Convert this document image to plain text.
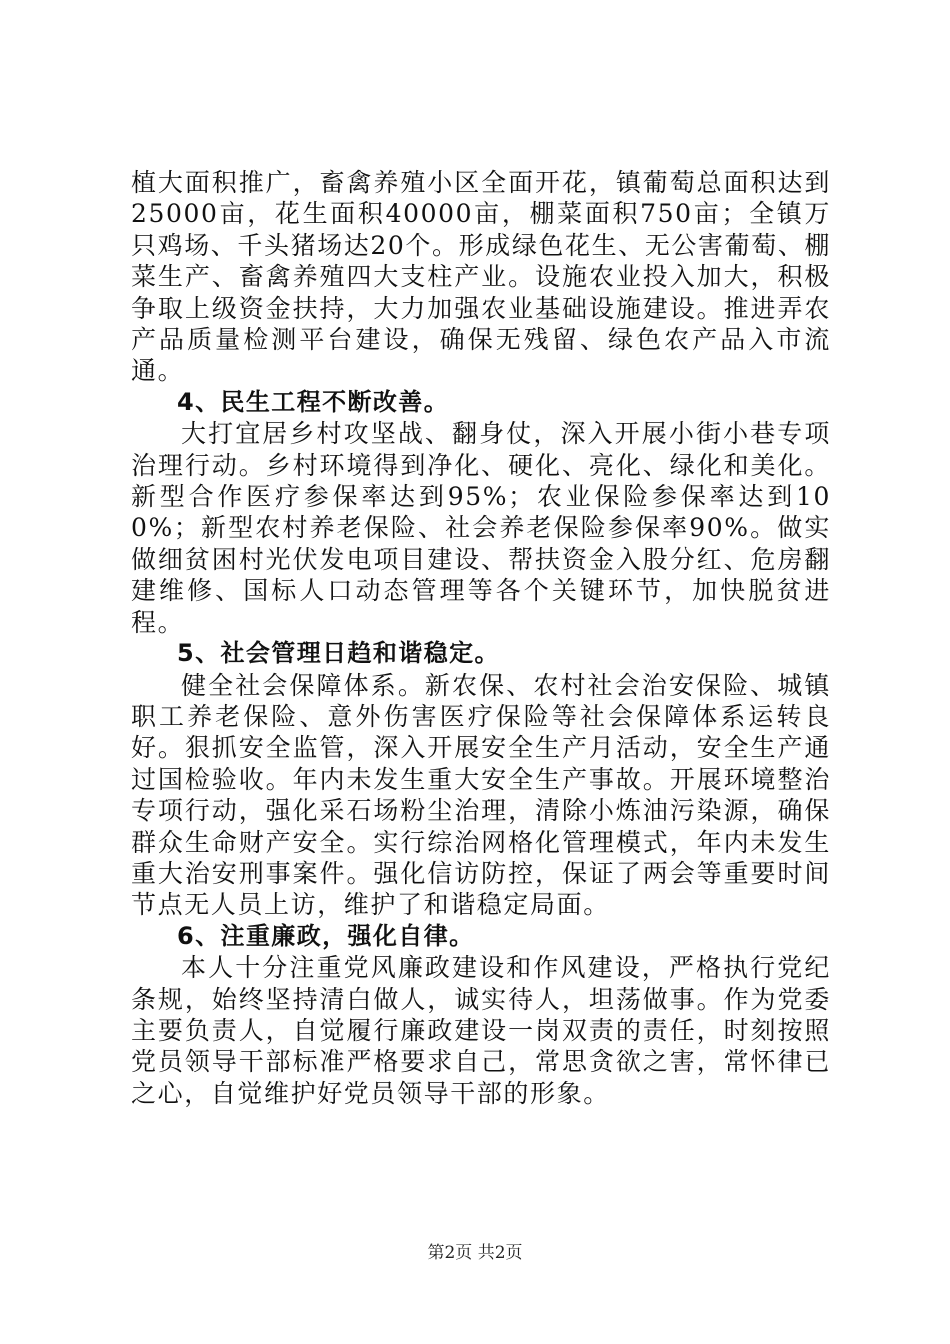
植大面积推广，畜禽养殖小区全面开花，镇葡萄总面积达到25000亩，花生面积40000亩，棚菜面积750亩；全镇万只鸡场、千头猪场达20个。形成绿色花生、无公害葡萄、棚菜生产、畜禽养殖四大支柱产业。设施农业投入加大，积极争取上级资金扶持，大力加强农业基础设施建设。推进弄农产品质量检测平台建设，确保无残留、绿色农产品入市流通。

4、民生工程不断改善。

大打宜居乡村攻坚战、翻身仗，深入开展小街小巷专项治理行动。乡村环境得到净化、硬化、亮化、绿化和美化。新型合作医疗参保率达到95%；农业保险参保率达到100%；新型农村养老保险、社会养老保险参保率90%。做实做细贫困村光伏发电项目建设、帮扶资金入股分红、危房翻建维修、国标人口动态管理等各个关键环节，加快脱贫进程。

5、社会管理日趋和谐稳定。

健全社会保障体系。新农保、农村社会治安保险、城镇职工养老保险、意外伤害医疗保险等社会保障体系运转良好。狠抓安全监管，深入开展安全生产月活动，安全生产通过国检验收。年内未发生重大安全生产事故。开展环境整治专项行动，强化采石场粉尘治理，清除小炼油污染源，确保群众生命财产安全。实行综治网格化管理模式，年内未发生重大治安刑事案件。强化信访防控，保证了两会等重要时间节点无人员上访，维护了和谐稳定局面。

6、注重廉政，强化自律。

本人十分注重党风廉政建设和作风建设，严格执行党纪条规，始终坚持清白做人，诚实待人，坦荡做事。作为党委主要负责人，自觉履行廉政建设一岗双责的责任，时刻按照党员领导干部标准严格要求自己，常思贪欲之害，常怀律已之心，自觉维护好党员领导干部的形象。

第2页 共2页
